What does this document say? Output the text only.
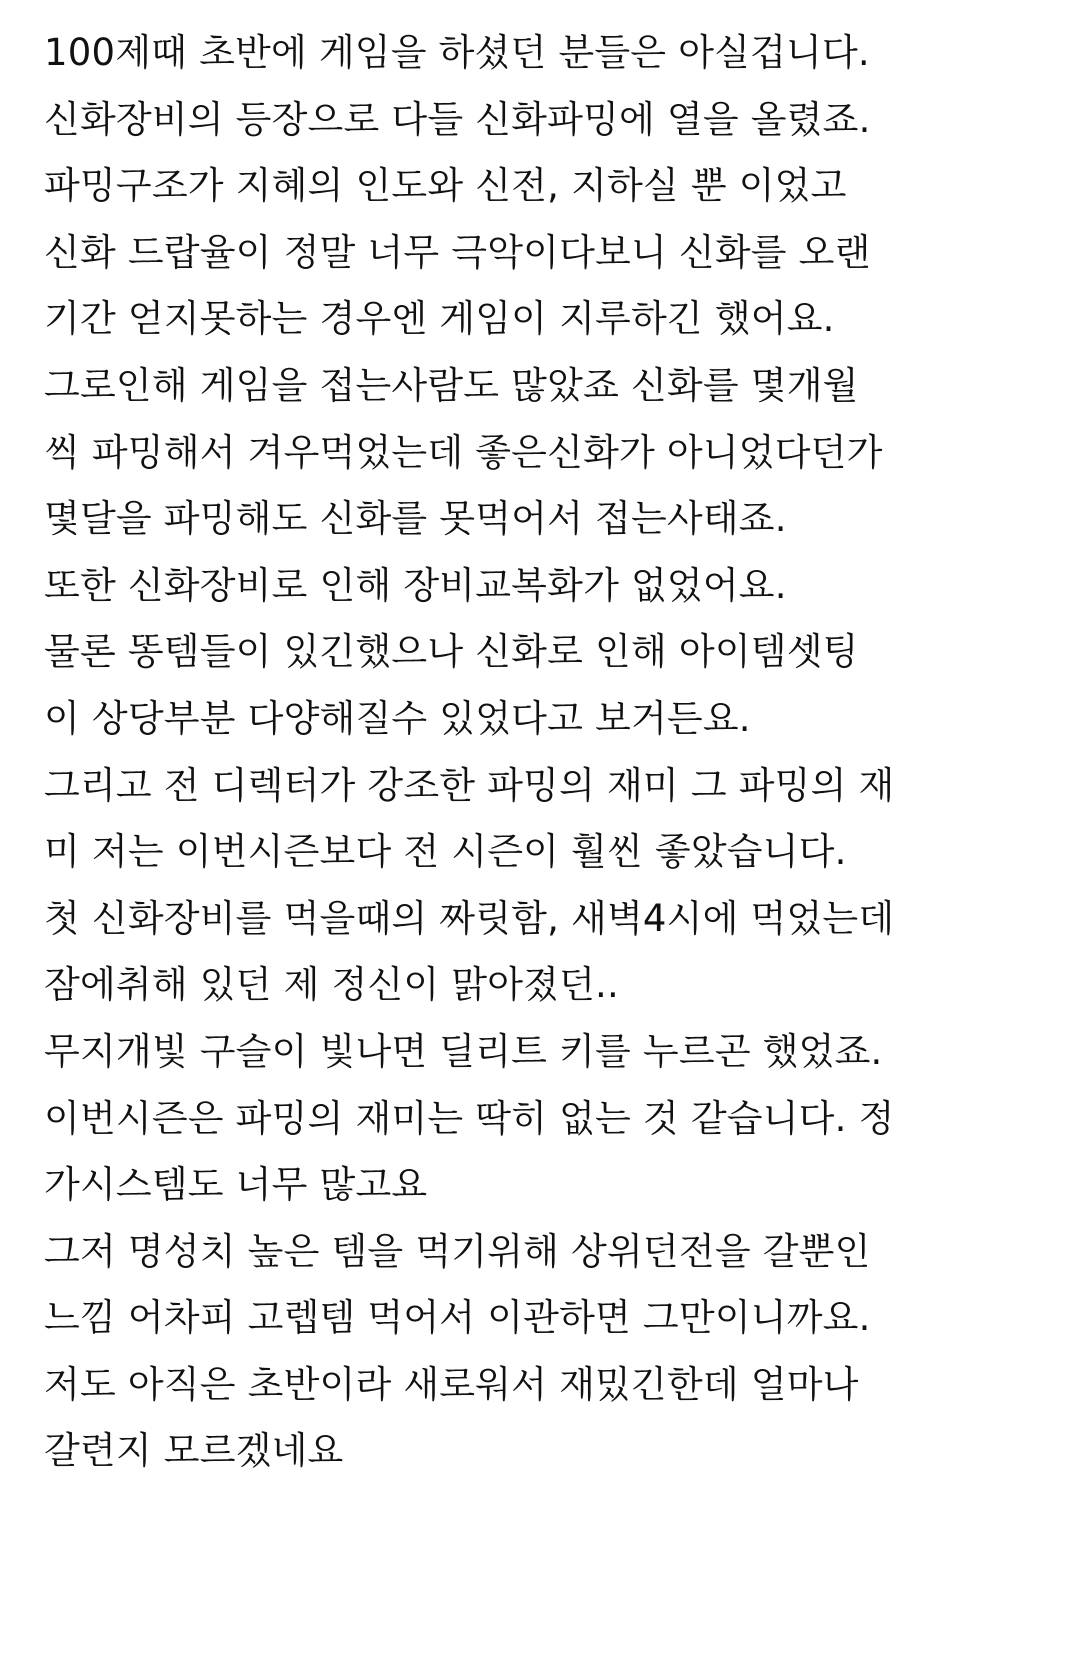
100제때 초반에 게임을 하셨던 분들은 아실겁니다.
신화장비의 등장으로 다들 신화파밍에 열을 올렸죠.
파밍구조가 지혜의 인도와 신전, 지하실 뿐 이었고
신화 드랍율이 정말 너무 극악이다보니 신화를 오랜
기간 얻지못하는 경우엔 게임이 지루하긴 했어요.
그로인해 게임을 접는사람도 많았죠 신화를 몇개월
씩 파밍해서 겨우먹었는데 좋은신화가 아니었다던가
몇달을 파밍해도 신화를 못먹어서 접는사태죠.
또한 신화장비로 인해 장비교복화가 없었어요.
물론 똥템들이 있긴했으나 신화로 인해 아이템셋팅
이 상당부분 다양해질수 있었다고 보거든요.
그리고 전 디렉터가 강조한 파밍의 재미 그 파밍의 재
미 저는 이번시즌보다 전 시즌이 훨씬 좋았습니다.
첫 신화장비를 먹을때의 짜릿함, 새벽4시에 먹었는데
잠에취해 있던 제 정신이 맑아졌던..
무지개빛 구슬이 빛나면 딜리트 키를 누르곤 했었죠.
이번시즌은 파밍의 재미는 딱히 없는 것 같습니다. 정
가시스템도 너무 많고요
그저 명성치 높은 템을 먹기위해 상위던전을 갈뿐인
느낌 어차피 고렙템 먹어서 이관하면 그만이니까요.
저도 아직은 초반이라 새로워서 재밌긴한데 얼마나
갈련지 모르겠네요
